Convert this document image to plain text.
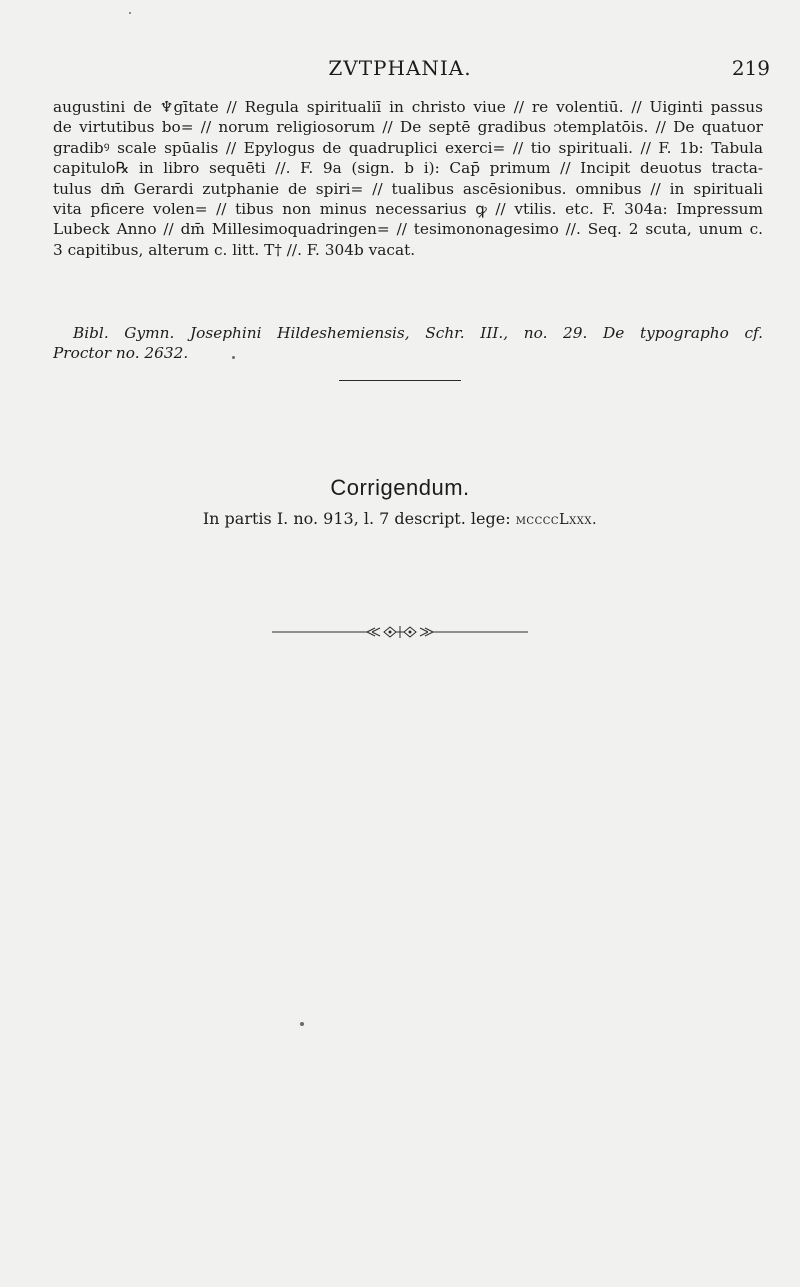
ZVTPHANIA.	219
augustini de ♆gītate // Regula spiritualiī in christo viue // re volentiū. // Uiginti passus
de virtutibus bo= // norum religiosorum // De septē gradibus ɔtemplatōis. // De quatuor
gradibꝰ scale spūalis // Epylogus de quadruplici exerci= // tio spirituali. // F. 1b: Tabula
capitulo℞ in libro sequēti //. F. 9a (sign. b i): Cap̄ primum // Incipit deuotus tracta-
tulus dm̄ Gerardi zutphanie de spiri= // tualibus ascēsionibus. omnibus // in spirituali
vita pficere volen= // tibus non minus necessarius ꝙ // vtilis. etc. F. 304a: Impressum
Lubeck Anno // dm̄ Millesimoquadringen= // tesimononagesimo //. Seq. 2 scuta, unum c.
3 capitibus, alterum c. litt. T† //. F. 304b vacat.
Bibl. Gymn. Josephini Hildeshemiensis, Schr. III., no. 29. De typographo cf.
Proctor no. 2632.
Corrigendum.
In partis I. no. 913, l. 7 descript. lege: mccccLxxx.
